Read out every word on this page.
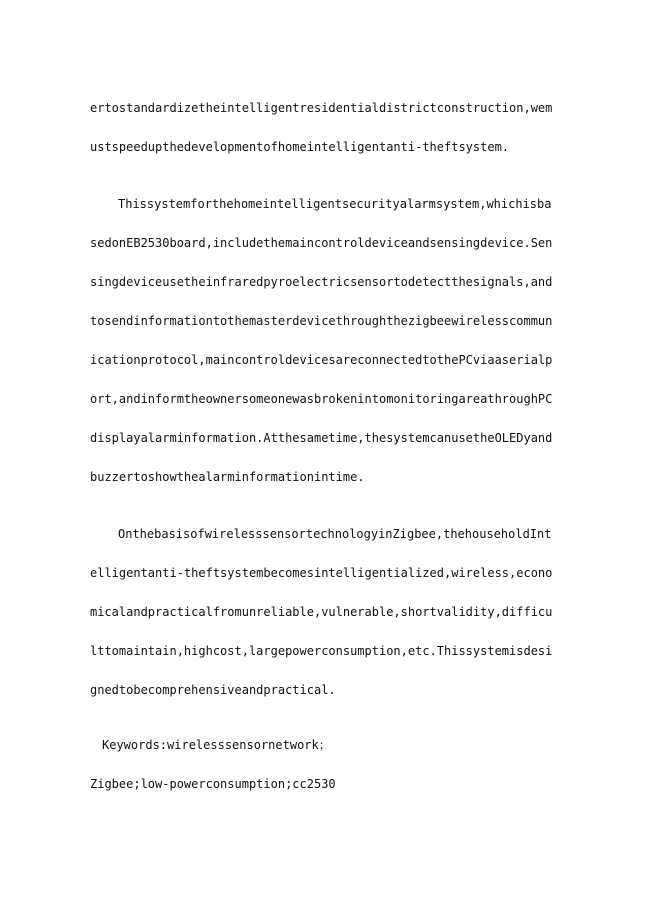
ertostandardizetheintelligentresidentialdistrictconstruction,wem
ustspeedupthedevelopmentofhomeintelligentanti-theftsystem.
Thissystemforthehomeintelligentsecurityalarmsystem,whichisba
sedonEB2530board,includethemaincontroldeviceandsensingdevice.Sen
singdeviceusetheinfraredpyroelectricsensortodetectthesignals,and
tosendinformationtothemasterdevicethroughthezigbeewirelesscommun
icationprotocol,maincontroldevicesareconnectedtothePCviaaserialp
ort,andinformtheownersomeonewasbrokenintomonitoringareathroughPC
displayalarminformation.Atthesametime,thesystemcanusetheOLEDyand
buzzertoshowthealarminformationintime.
OnthebasisofwirelesssensortechnologyinZigbee,thehouseholdInt
elligentanti-theftsystembecomesintelligentialized,wireless,econo
micalandpracticalfromunreliable,vulnerable,shortvalidity,difficu
lttomaintain,highcost,largepowerconsumption,etc.Thissystemisdesi
gnedtobecomprehensiveandpractical.
Keywords:wirelesssensornetwork；
Zigbee;low-powerconsumption;cc2530
